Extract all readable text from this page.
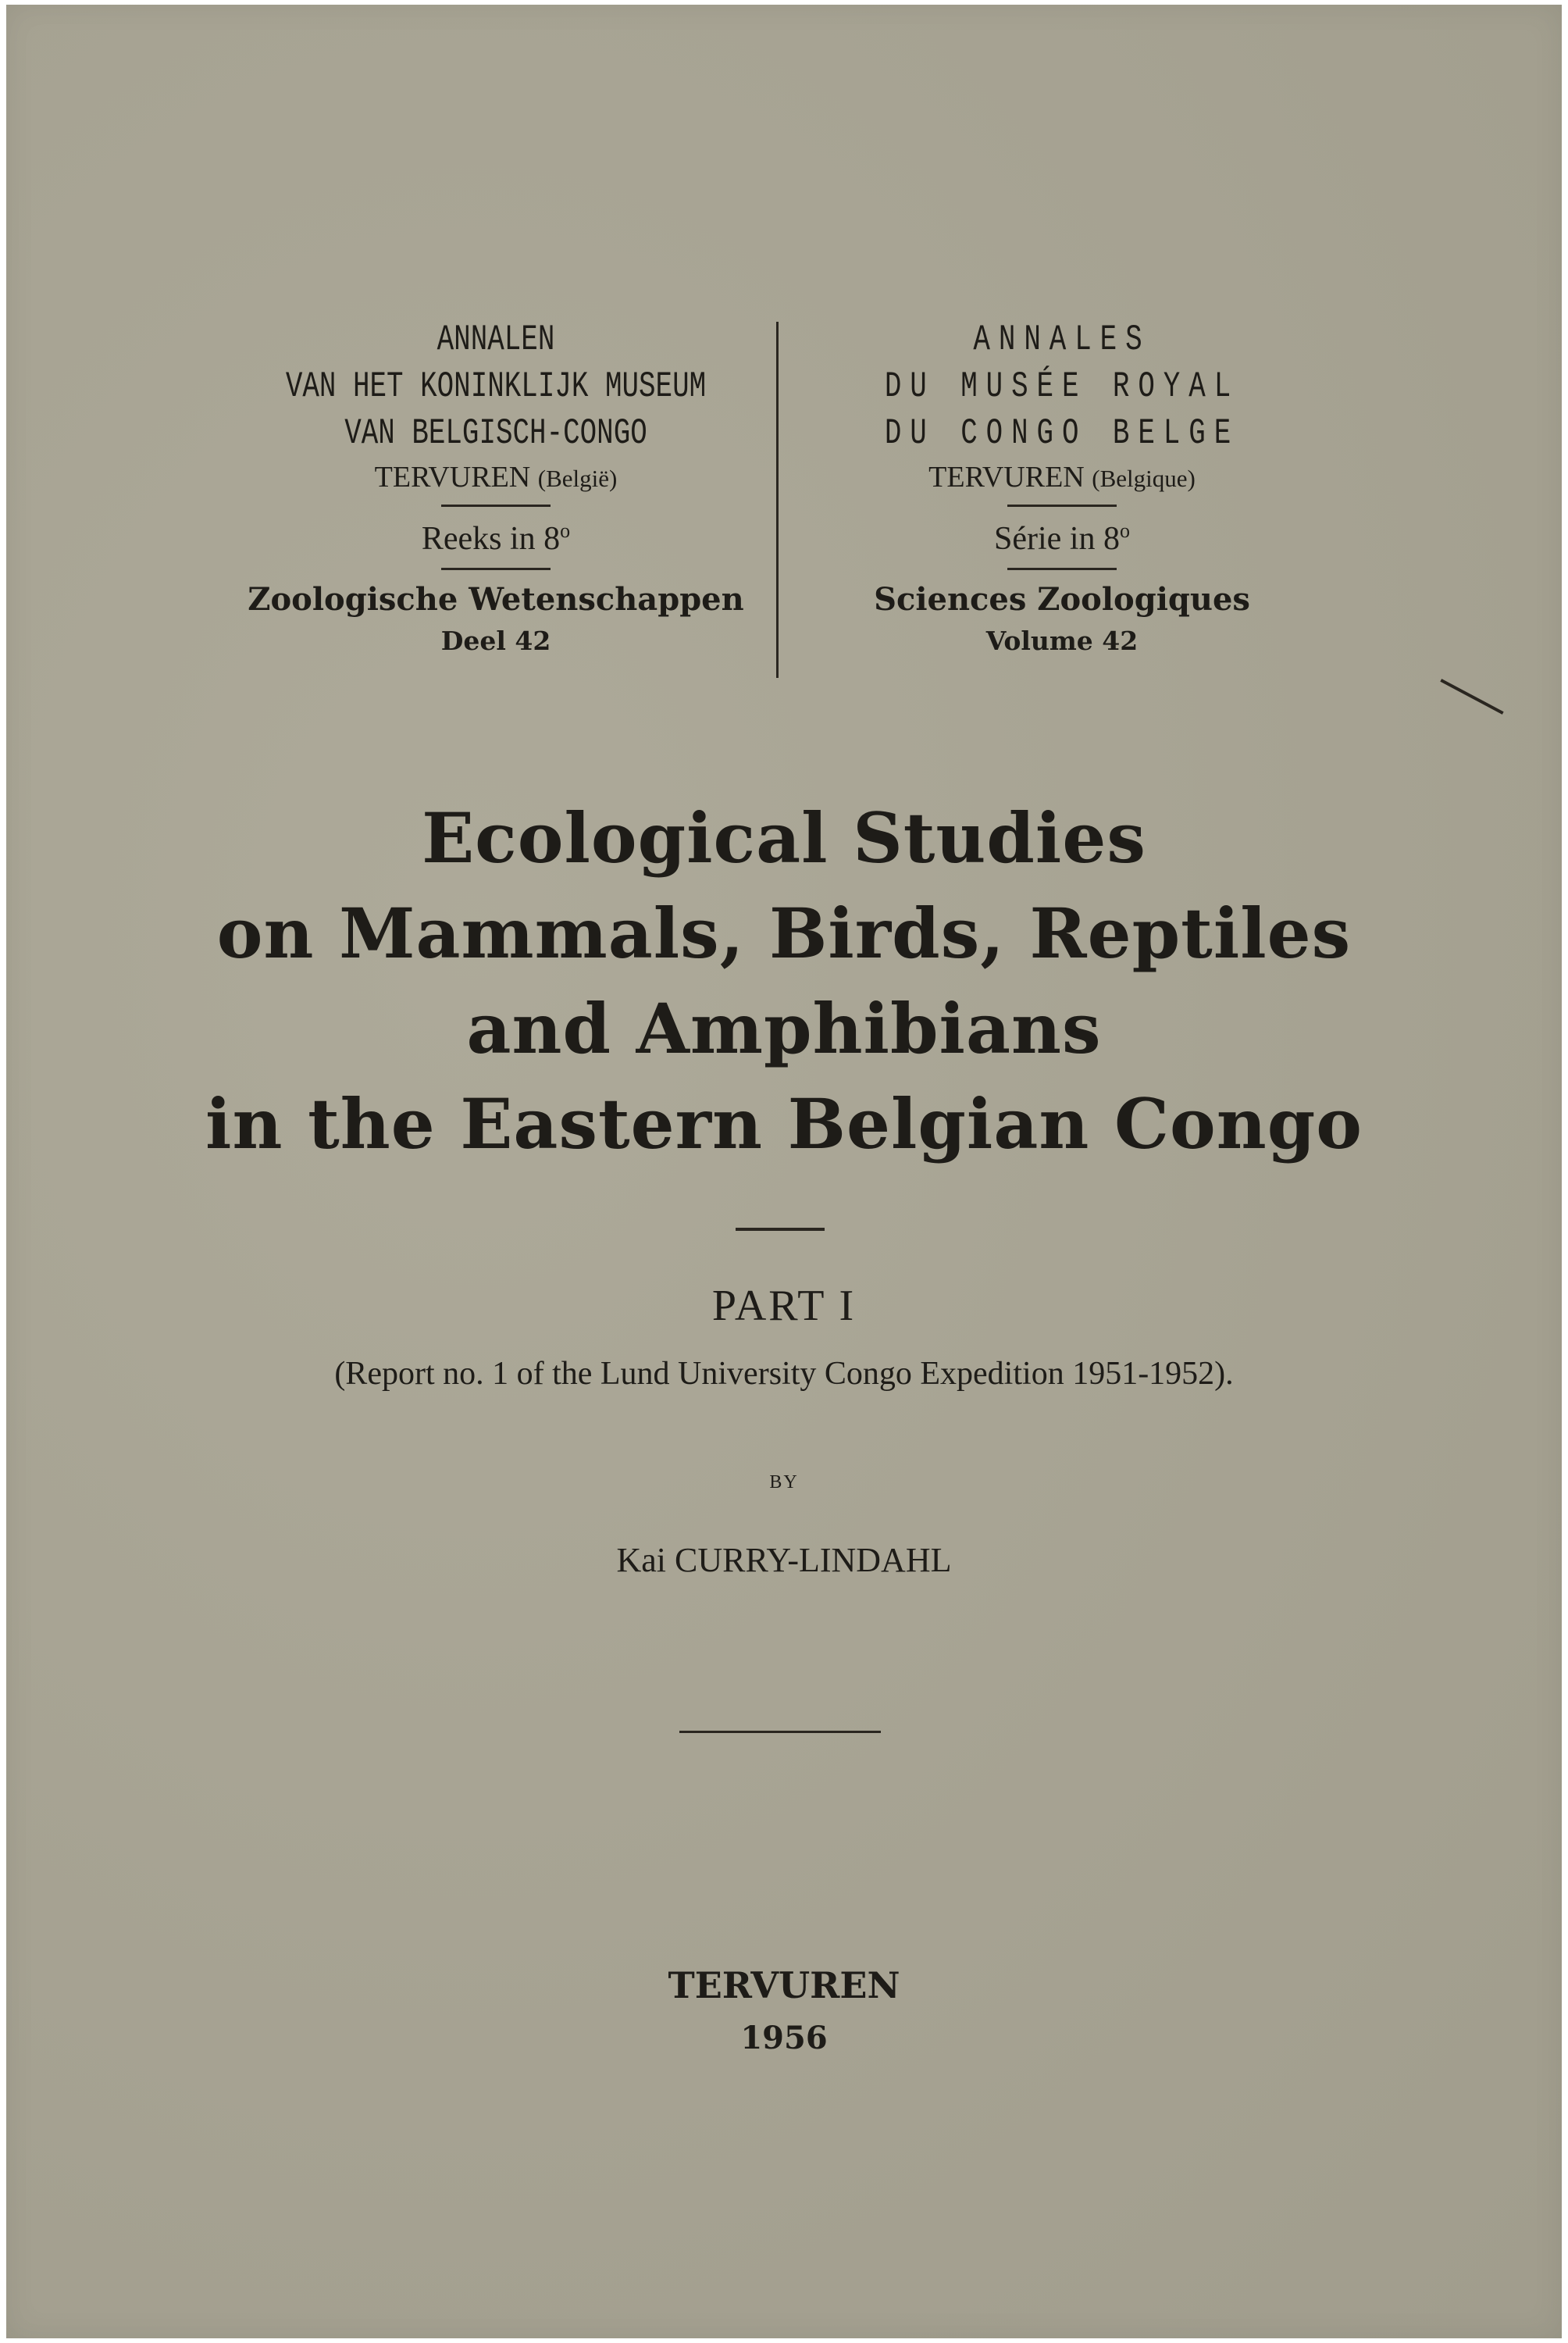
ANNALEN
VAN HET KONINKLIJK MUSEUM
VAN BELGISCH-CONGO
TERVUREN (België)
Reeks in 8$^o$
Zoologische Wetenschappen
Deel 42
ANNALES
DU MUSÉE ROYAL
DU CONGO BELGE
TERVUREN (Belgique)
Série in 8$^o$
Sciences Zoologiques
Volume 42
Ecological Studies
on Mammals, Birds, Reptiles
and Amphibians
in the Eastern Belgian Congo
PART I
(Report no. 1 of the Lund University Congo Expedition 1951-1952).
BY
Kai CURRY-LINDAHL
TERVUREN
1956
